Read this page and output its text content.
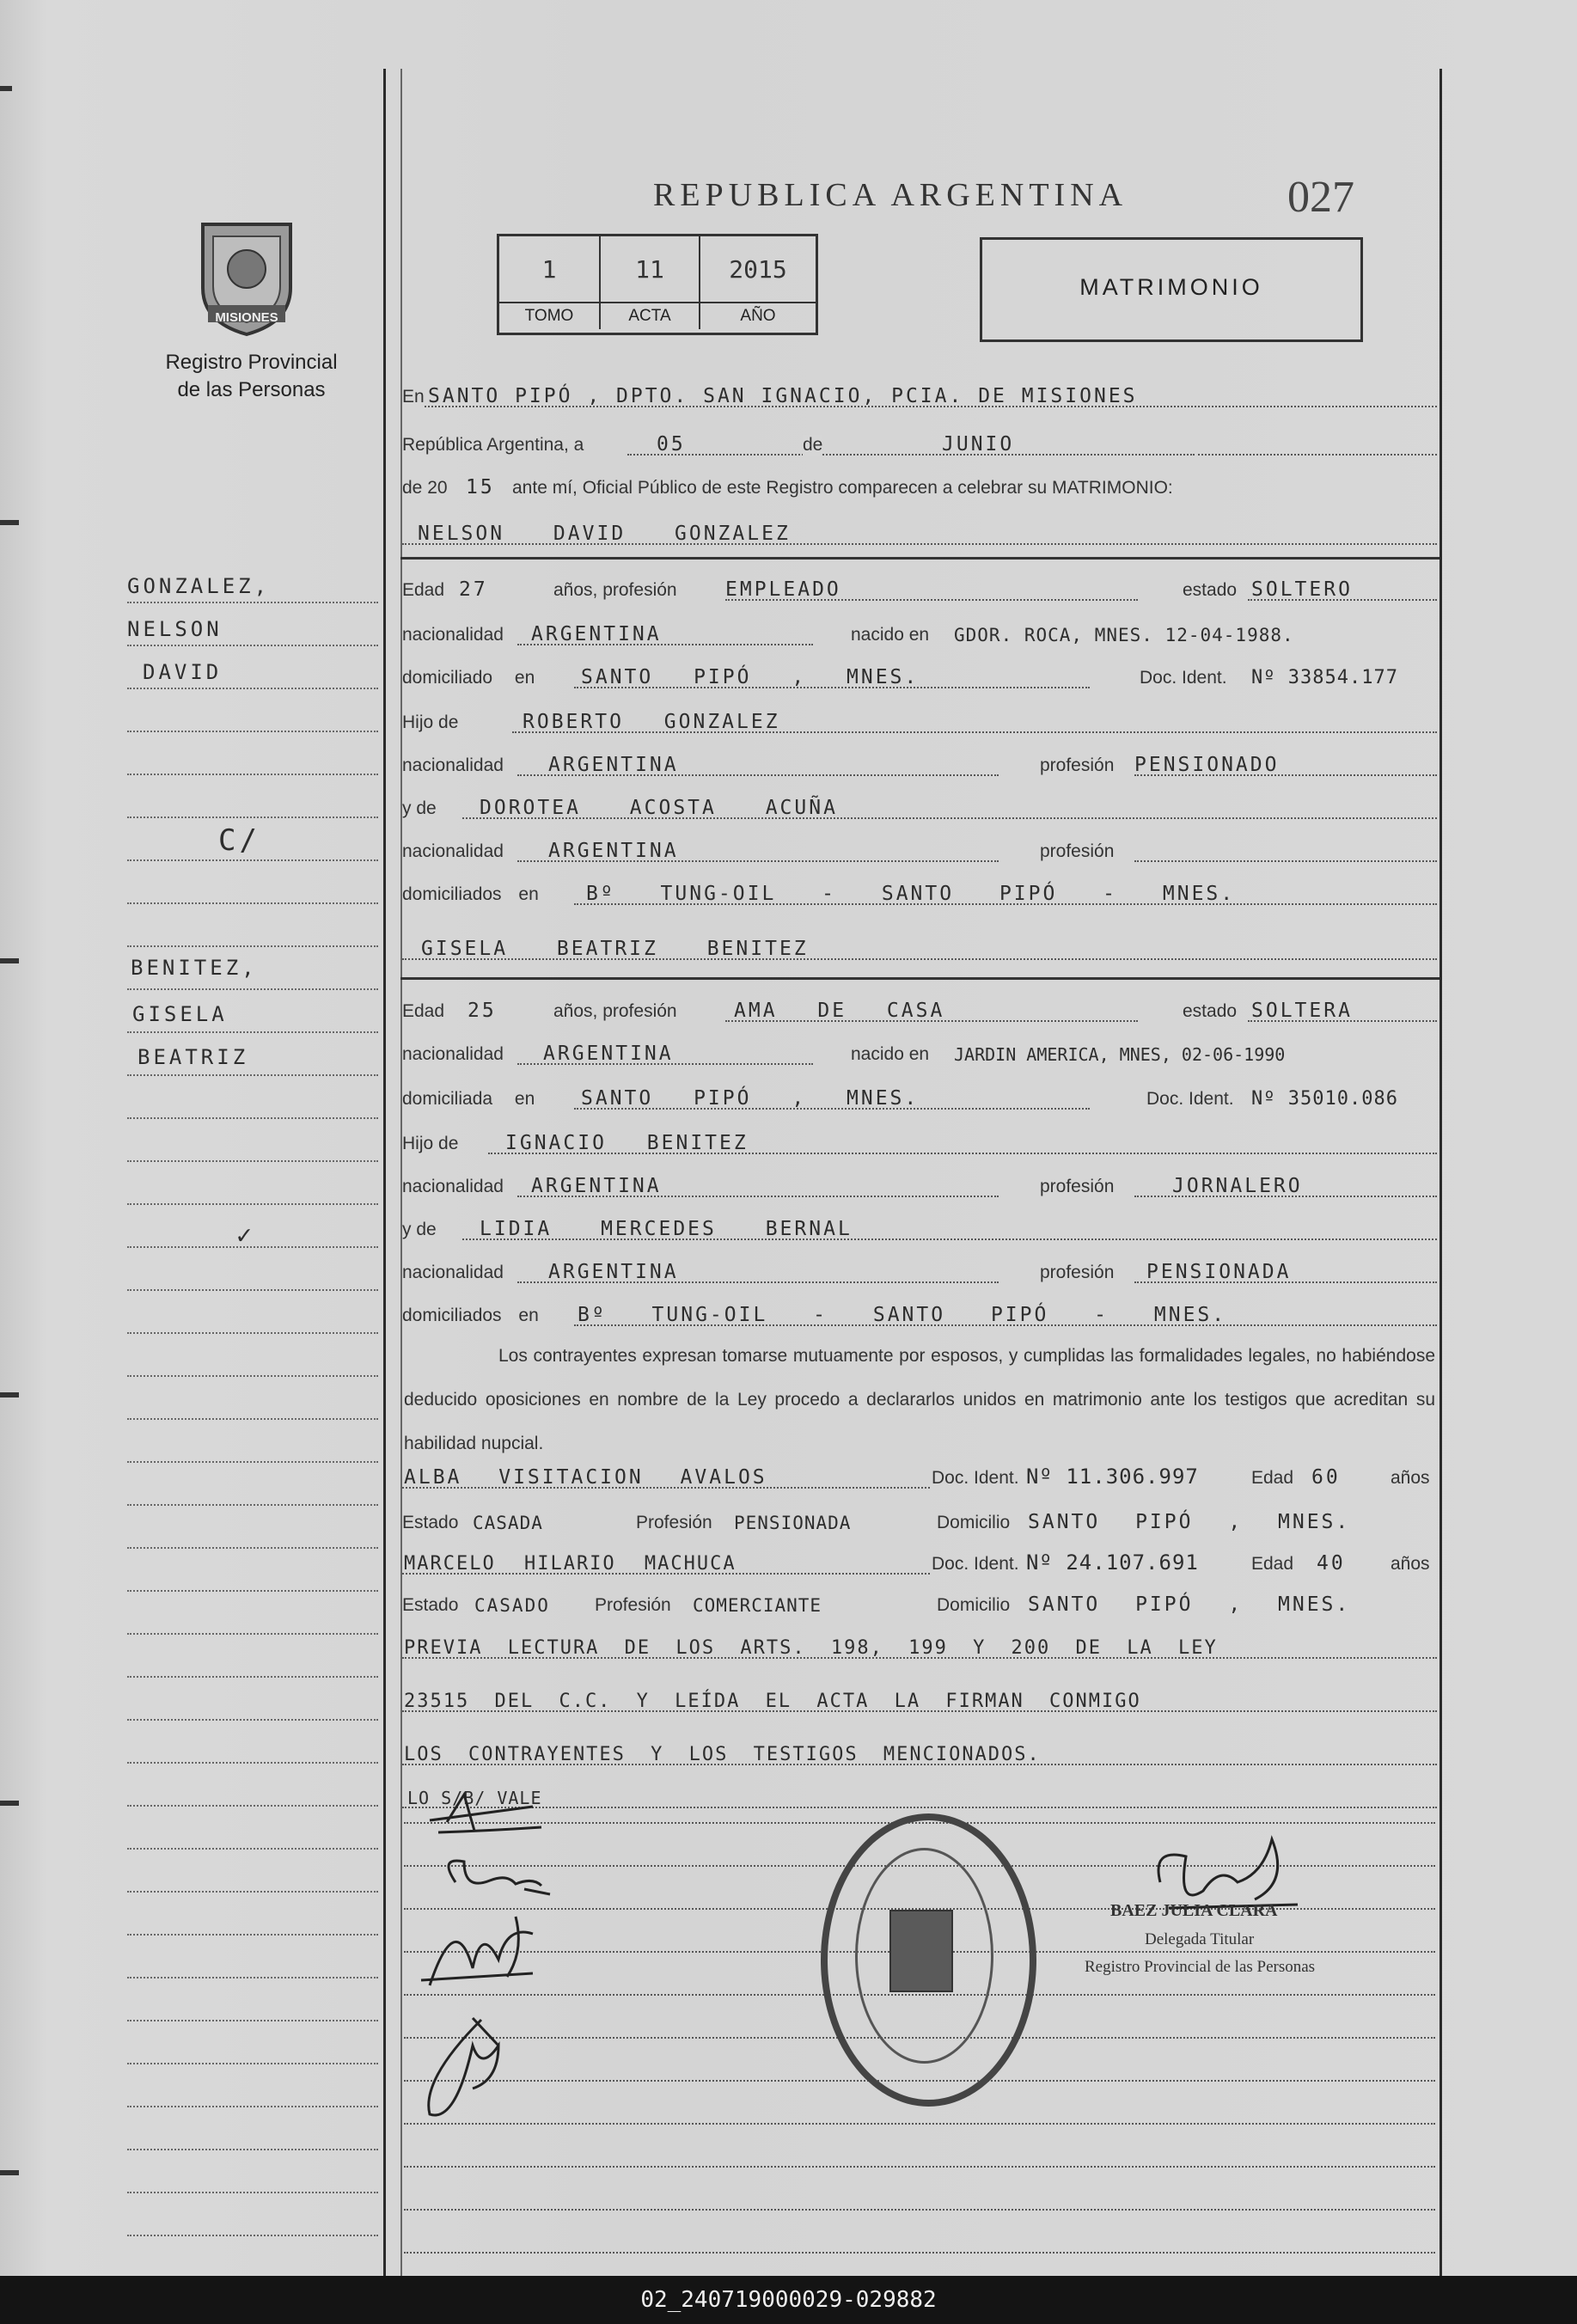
MISIONES
Registro Provincial
de las Personas
REPUBLICA ARGENTINA	027
1	11	2015
TOMO	ACTA	AÑO
MATRIMONIO
En SANTO PIPÓ , DPTO. SAN IGNACIO, PCIA. DE MISIONES
República Argentina, a	05	de	JUNIO
de 20 15 ante mí, Oficial Público de este Registro comparecen a celebrar su MATRIMONIO:
NELSON DAVID GONZALEZ
Edad 27	años, profesión EMPLEADO	estado SOLTERO
nacionalidad ARGENTINA	nacido en GDOR. ROCA, MNES. 12-04-1988.
domiciliado en SANTO PIPÓ , MNES.	Doc. Ident. Nº 33854.177
Hijo de	ROBERTO GONZALEZ
nacionalidad ARGENTINA	profesión PENSIONADO
y de DOROTEA ACOSTA ACUÑA
nacionalidad ARGENTINA	profesión
domiciliados en Bº TUNG-OIL - SANTO PIPÓ - MNES.
GISELA BEATRIZ BENITEZ
Edad 25	años, profesión	AMA DE CASA	estado SOLTERA
nacionalidad ARGENTINA	nacido en JARDIN AMERICA, MNES, 02-06-1990
domiciliada en SANTO PIPÓ , MNES.	Doc. Ident. Nº 35010.086
Hijo de IGNACIO BENITEZ
nacionalidad ARGENTINA	profesión	JORNALERO
y de LIDIA MERCEDES BERNAL
nacionalidad ARGENTINA	profesión PENSIONADA
domiciliados en Bº TUNG-OIL - SANTO PIPÓ - MNES.
Los contrayentes expresan tomarse mutuamente por esposos, y cumplidas las formalidades legales, no habiéndose deducido oposiciones en nombre de la Ley procedo a declararlos unidos en matrimonio ante los testigos que acreditan su habilidad nupcial.
ALBA VISITACION AVALOS	Doc. Ident. Nº 11.306.997	Edad 60	años
Estado CASADA	Profesión PENSIONADA	Domicilio SANTO PIPÓ , MNES.
MARCELO HILARIO MACHUCA	Doc. Ident. Nº 24.107.691	Edad 40 años
Estado CASADO Profesión COMERCIANTE	Domicilio SANTO PIPÓ , MNES.
PREVIA LECTURA DE LOS ARTS. 198, 199 Y 200 DE LA LEY
23515 DEL C.C. Y LEÍDA EL ACTA LA FIRMAN CONMIGO
LOS CONTRAYENTES Y LOS TESTIGOS MENCIONADOS.
LO S/B/ VALE
GONZALEZ,
NELSON
DAVID
C/
BENITEZ,
GISELA
BEATRIZ
✓
BAEZ JULIA CLARA
Delegada Titular
Registro Provincial de las Personas
02_240719000029-029882
